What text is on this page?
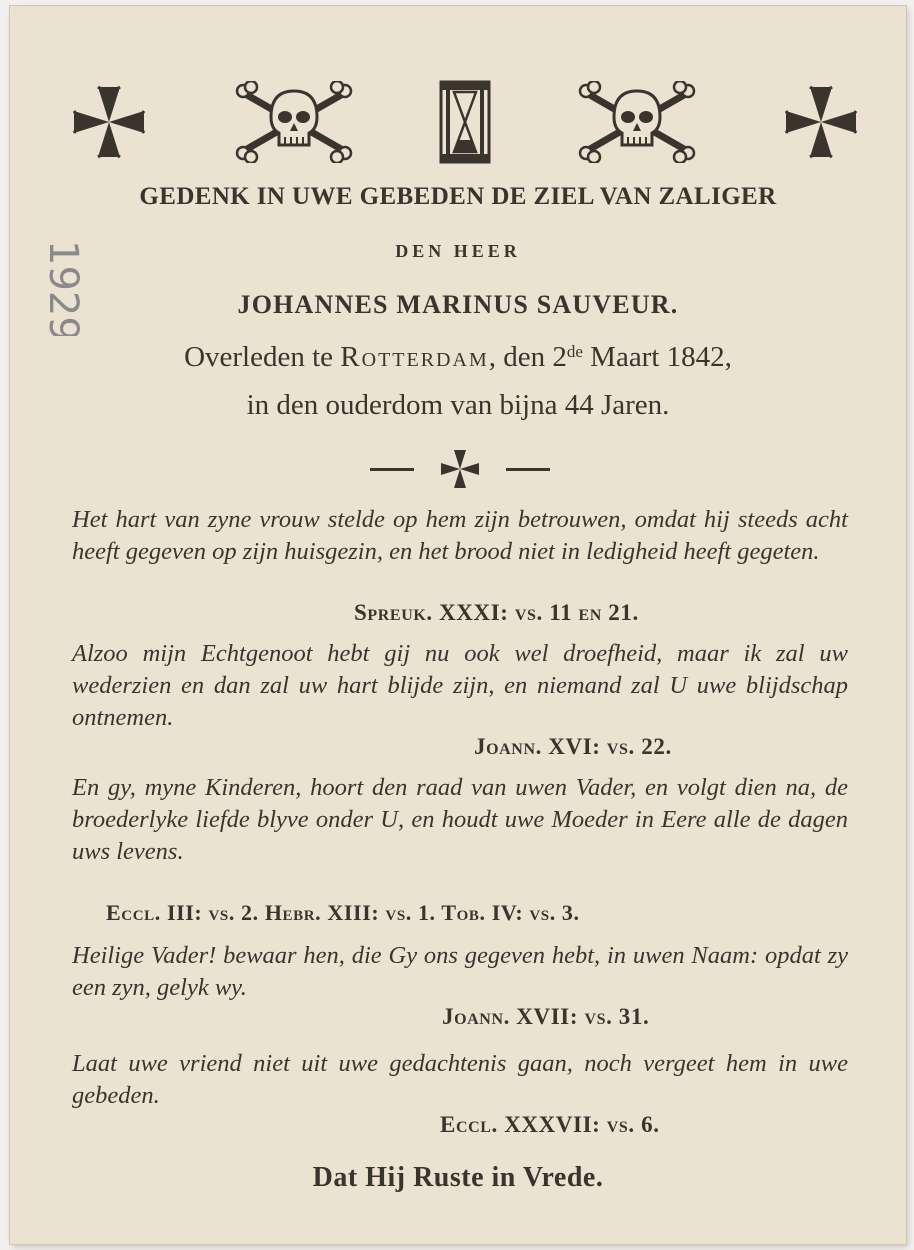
1929
GEDENK IN UWE GEBEDEN DE ZIEL VAN ZALIGER
DEN HEER
JOHANNES MARINUS SAUVEUR.
Overleden te Rotterdam, den 2de Maart 1842,
in den ouderdom van bijna 44 Jaren.
Het hart van zyne vrouw stelde op hem zijn betrouwen, omdat hij steeds acht heeft gegeven op zijn huisgezin, en het brood niet in ledigheid heeft gegeten.
Spreuk. XXXI: vs. 11 en 21.
Alzoo mijn Echtgenoot hebt gij nu ook wel droefheid, maar ik zal uw wederzien en dan zal uw hart blijde zijn, en niemand zal U uwe blijdschap ontnemen.
Joann. XVI: vs. 22.
En gy, myne Kinderen, hoort den raad van uwen Vader, en volgt dien na, de broederlyke liefde blyve onder U, en houdt uwe Moeder in Eere alle de dagen uws levens.
Eccl. III: vs. 2. Hebr. XIII: vs. 1. Tob. IV: vs. 3.
Heilige Vader! bewaar hen, die Gy ons gegeven hebt, in uwen Naam: opdat zy een zyn, gelyk wy.
Joann. XVII: vs. 31.
Laat uwe vriend niet uit uwe gedachtenis gaan, noch vergeet hem in uwe gebeden.
Eccl. XXXVII: vs. 6.
Dat Hij Ruste in Vrede.
